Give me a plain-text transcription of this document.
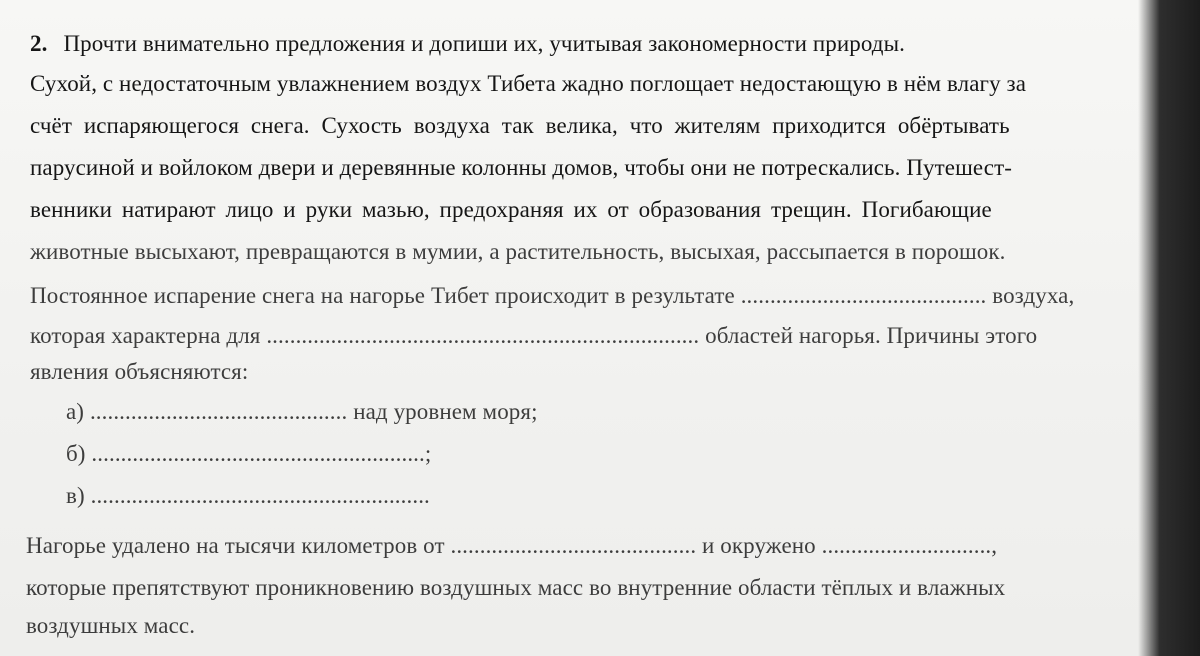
2. Прочти внимательно предложения и допиши их, учитывая закономерности природы.
Сухой, с недостаточным увлажнением воздух Тибета жадно поглощает недостающую в нём влагу за
счёт испаряющегося снега. Сухость воздуха так велика, что жителям приходится обёртывать
парусиной и войлоком двери и деревянные колонны домов, чтобы они не потрескались. Путешест-
венники натирают лицо и руки мазью, предохраняя их от образования трещин. Погибающие
животные высыхают, превращаются в мумии, а растительность, высыхая, рассыпается в порошок.
Постоянное испарение снега на нагорье Тибет происходит в результате .......................................... воздуха,
которая характерна для .......................................................................... областей нагорья. Причины этого
явления объясняются:
а) ............................................ над уровнем моря;
б) .........................................................;
в) ..........................................................
Нагорье удалено на тысячи километров от .......................................... и окружено .............................,
которые препятствуют проникновению воздушных масс во внутренние области тёплых и влажных
воздушных масс.
